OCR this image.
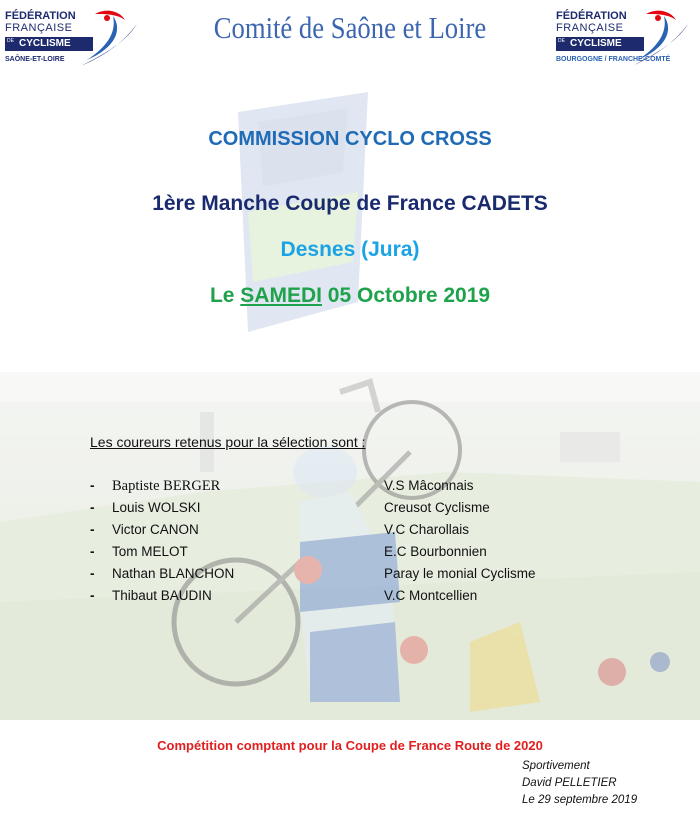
FÉDÉRATION
FRANÇAISE
DE CYCLISME
SAÔNE-ET-LOIRE
Comité de Saône et Loire	FÉDÉRATION
FRANÇAISE
DE CYCLISME
BOURGOGNE / FRANCHE-COMTÉ
COMMISSION CYCLO CROSS
1ère Manche Coupe de France CADETS
Desnes (Jura)
Le SAMEDI 05 Octobre 2019
Les coureurs retenus pour la sélection sont :
- Baptiste BERGER	V.S Mâconnais
- Louis WOLSKI	Creusot Cyclisme
- Victor CANON	V.C Charollais
- Tom MELOT	E.C Bourbonnien
- Nathan BLANCHON	Paray le monial Cyclisme
- Thibaut BAUDIN	V.C Montcellien
Compétition comptant pour la Coupe de France Route de 2020
Sportivement
David PELLETIER
Le 29 septembre 2019
